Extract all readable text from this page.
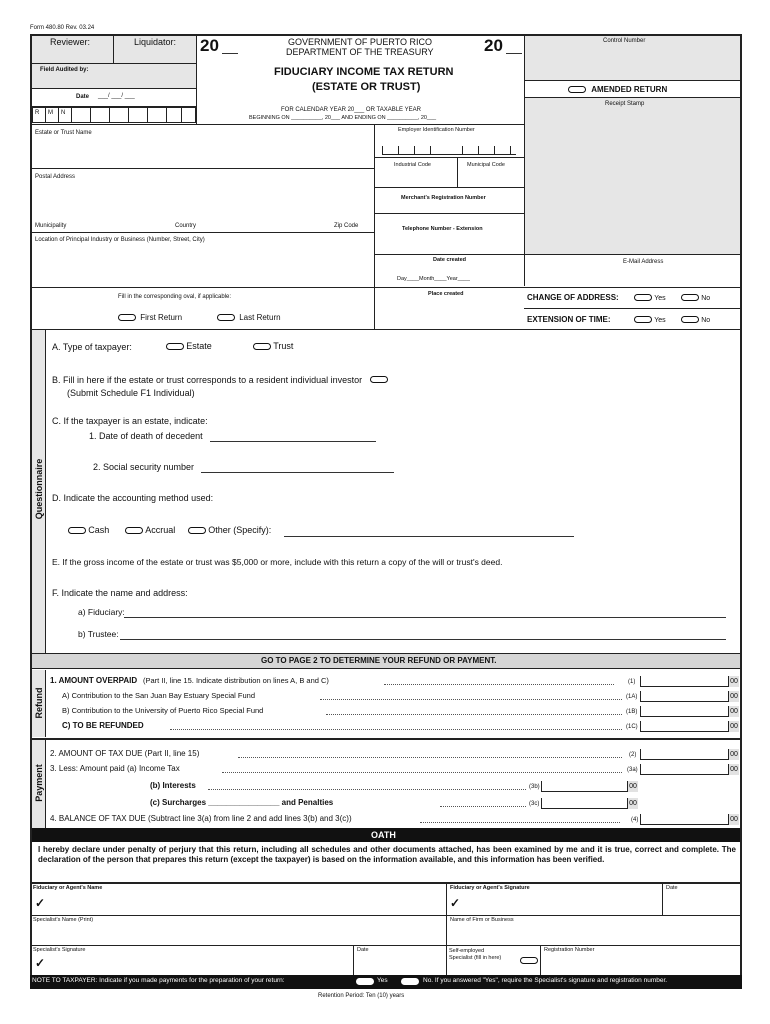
Form 480.80 Rev. 03.24
Reviewer:	Liquidator:
Field Audited by:
Date ___/ ___/ ___
R M N
20	20
GOVERNMENT OF PUERTO RICO
DEPARTMENT OF THE TREASURY
FIDUCIARY INCOME TAX RETURN
(ESTATE OR TRUST)
FOR CALENDAR YEAR 20___ OR TAXABLE YEAR
BEGINNING ON __________, 20___ AND ENDING ON __________, 20___
Control Number
AMENDED RETURN
Receipt Stamp
Estate or Trust Name	Employer Identification Number
Industrial Code	Municipal Code
Postal Address
Merchant's Registration Number
Municipality	Country	Zip Code	Telephone Number - Extension
Location of Principal Industry or Business (Number, Street, City)
Date created	E-Mail Address
Day____Month____Year____
Fill in the corresponding oval, if applicable:	Place created
First Return	Last Return
CHANGE OF ADDRESS:	Yes	No
EXTENSION OF TIME:	Yes	No
Questionnaire
A. Type of taxpayer:	Estate	Trust
B. Fill in here if the estate or trust corresponds to a resident individual investor
(Submit Schedule F1 Individual)
C. If the taxpayer is an estate, indicate:
1. Date of death of decedent
2. Social security number
D. Indicate the accounting method used:
Cash	Accrual	Other (Specify):
E. If the gross income of the estate or trust was $5,000 or more, include with this return a copy of the will or trust's deed.
F. Indicate the name and address:
a) Fiduciary:
b) Trustee:
GO TO PAGE 2 TO DETERMINE YOUR REFUND OR PAYMENT.
Refund
1. AMOUNT OVERPAID (Part II, line 15. Indicate distribution on lines A, B and C)	(1)	00
A) Contribution to the San Juan Bay Estuary Special Fund	(1A)	00
B) Contribution to the University of Puerto Rico Special Fund	(1B)	00
C) TO BE REFUNDED	(1C)	00
Payment
2. AMOUNT OF TAX DUE (Part II, line 15)	(2)	00
3. Less: Amount paid (a) Income Tax	(3a)	00
(b) Interests	(3b)	00
(c) Surcharges ________________ and Penalties	(3c)	00
4. BALANCE OF TAX DUE (Subtract line 3(a) from line 2 and add lines 3(b) and 3(c))	(4)	00
OATH
I hereby declare under penalty of perjury that this return, including all schedules and other documents attached, has been examined by me and it is true, correct and complete. The declaration of the person that prepares this return (except the taxpayer) is based on the information available, and this information has been verified.
Fiduciary or Agent's Name
✓
Fiduciary or Agent's Signature
✓
Date
Specialist's Name (Print)	Name of Firm or Business
Specialist's Signature
✓
Date	Self-employed Specialist (fill in here)
Registration Number
NOTE TO TAXPAYER: Indicate if you made payments for the preparation of your return:	Yes	No. If you answered "Yes", require the Specialist's signature and registration number.
Retention Period: Ten (10) years
